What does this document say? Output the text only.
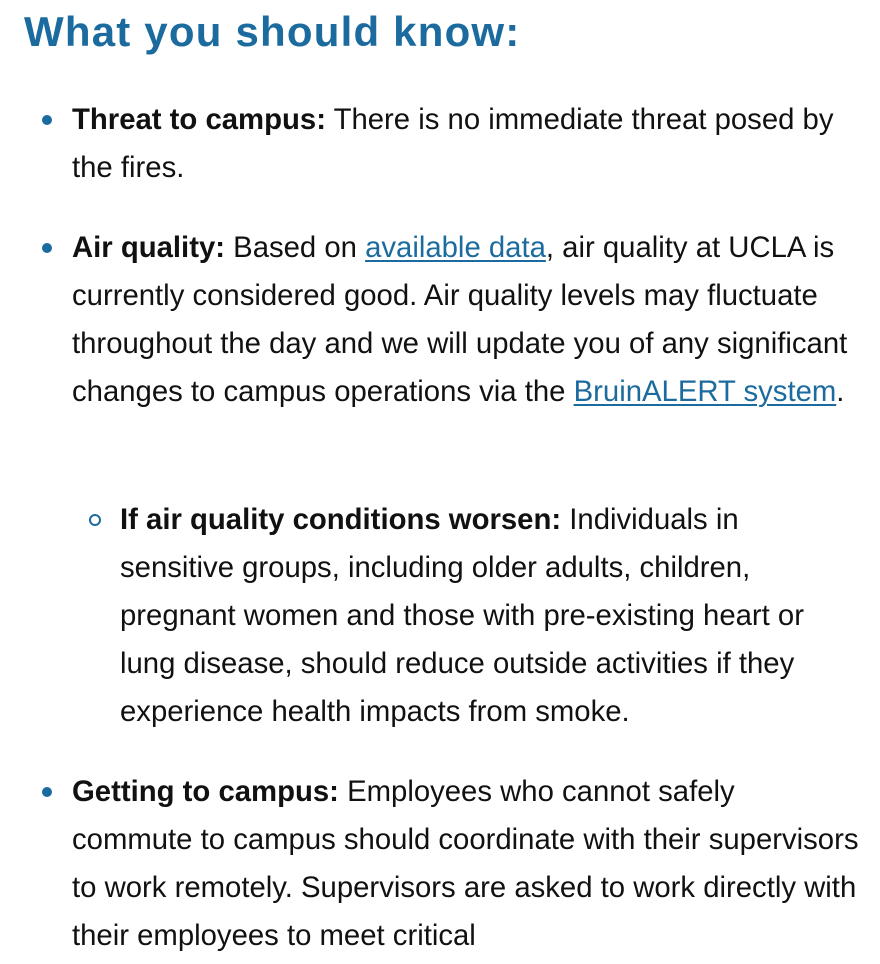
What you should know:
Threat to campus: There is no immediate threat posed by the fires.
Air quality: Based on available data, air quality at UCLA is currently considered good. Air quality levels may fluctuate throughout the day and we will update you of any significant changes to campus operations via the BruinALERT system.
If air quality conditions worsen: Individuals in sensitive groups, including older adults, children, pregnant women and those with pre-existing heart or lung disease, should reduce outside activities if they experience health impacts from smoke.
Getting to campus: Employees who cannot safely commute to campus should coordinate with their supervisors to work remotely. Supervisors are asked to work directly with their employees to meet critical
